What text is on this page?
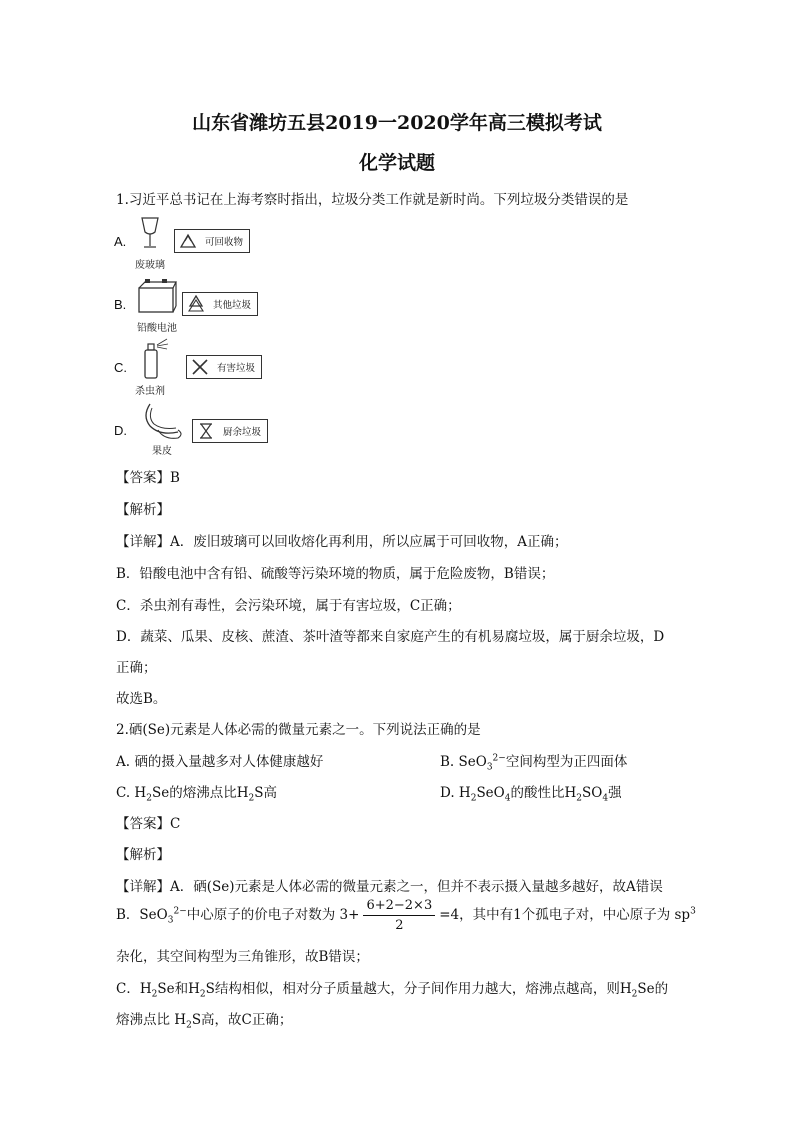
山东省潍坊五县2019一2020学年高三模拟考试
化学试题
1.习近平总书记在上海考察时指出，垃圾分类工作就是新时尚。下列垃圾分类错误的是
A.
废玻璃
可回收物
B.
铅酸电池
其他垃圾
C.
杀虫剂
有害垃圾
D.
果皮
厨余垃圾
【答案】B
【解析】
【详解】A．废旧玻璃可以回收熔化再利用，所以应属于可回收物，A正确；
B．铅酸电池中含有铅、硫酸等污染环境的物质，属于危险废物，B错误；
C．杀虫剂有毒性，会污染环境，属于有害垃圾，C正确；
D．蔬菜、瓜果、皮核、蔗渣、茶叶渣等都来自家庭产生的有机易腐垃圾，属于厨余垃圾，D
正确；
故选B。
2.硒(Se)元素是人体必需的微量元素之一。下列说法正确的是
A. 硒的摄入量越多对人体健康越好	B. SeO$_3^{2-}$空间构型为正四面体
C. $H_2Se$的熔沸点比$H_2S$高	D. $H_2SeO_4$的酸性比$H_2SO_4$强
【答案】C
【解析】
【详解】A．硒(Se)元素是人体必需的微量元素之一，但并不表示摄入量越多越好，故A错误
B．SeO$_3^{2-}$中心原子的价电子对数为 $3+ \frac{6+2-2\times 3}{2} =4$，其中有1个孤电子对，中心原子为 $sp^3$
杂化，其空间构型为三角锥形，故B错误；
C．$H_2Se$和$H_2S$结构相似，相对分子质量越大，分子间作用力越大，熔沸点越高，则$H_2Se$的
熔沸点比 $H_2S$高，故C正确；
